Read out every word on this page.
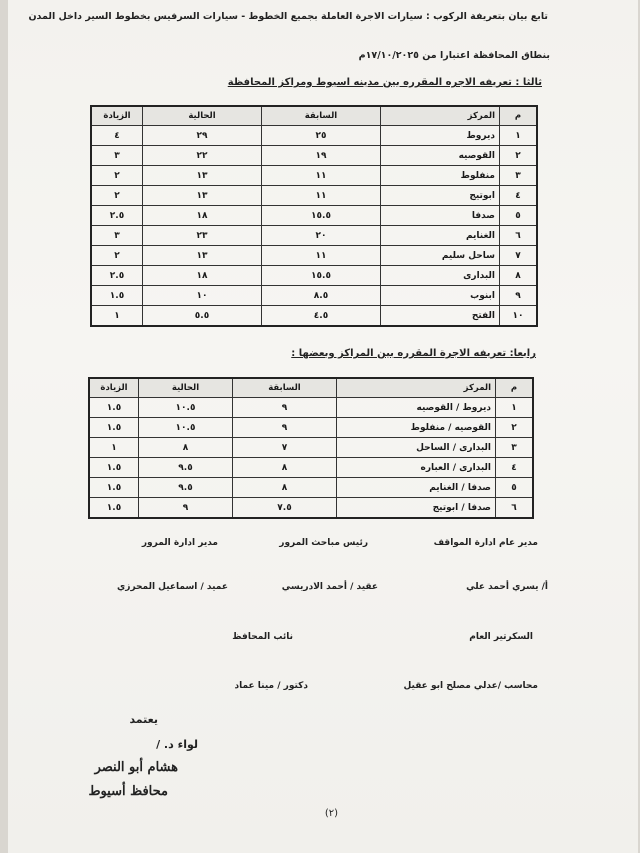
تابع بيان بتعريفة الركوب : سيارات الاجرة العاملة بجميع الخطوط - سيارات السرفيس بخطوط السير داخل المدن
بنطاق المحافظة اعتبارا من ١٧/١٠/٢٠٢٥م
ثالثا : تعريفه الاجره المقرره بين مدينه اسيوط ومراكز المحافظة
م	المركز	السابقة	الحالية	الزيادة
١	ديروط	٢٥	٢٩	٤
٢	القوصيه	١٩	٢٢	٣
٣	منفلوط	١١	١٣	٢
٤	ابوتيج	١١	١٣	٢
٥	صدفا	١٥.٥	١٨	٢.٥
٦	الغنايم	٢٠	٢٣	٣
٧	ساحل سليم	١١	١٣	٢
٨	البدارى	١٥.٥	١٨	٢.٥
٩	ابنوب	٨.٥	١٠	١.٥
١٠	الفتح	٤.٥	٥.٥	١
رابعا: تعريفه الاجرة المقرره بين المراكز وبعضها :
م	المركز	السابقة	الحالية	الزيادة
١	ديروط / القوصيه	٩	١٠.٥	١.٥
٢	القوصيه / منفلوط	٩	١٠.٥	١.٥
٣	البدارى / الساحل	٧	٨	١
٤	البدارى / العباره	٨	٩.٥	١.٥
٥	صدفا / الغنايم	٨	٩.٥	١.٥
٦	صدفا / ابوتيج	٧.٥	٩	١.٥
مدير عام ادارة المواقف
رئيس مباحث المرور
مدير ادارة المرور
أ/ يسري أحمد علي
عقيد / أحمد الادريسي
عميد / اسماعيل المحرزي
السكرتير العام
نائب المحافظ
محاسب /عدلي مصلح ابو عقيل
دكتور / مينا عماد
يعتمد
لواء د. /
هشام أبو النصر
محافظ أسيوط
(٢)
